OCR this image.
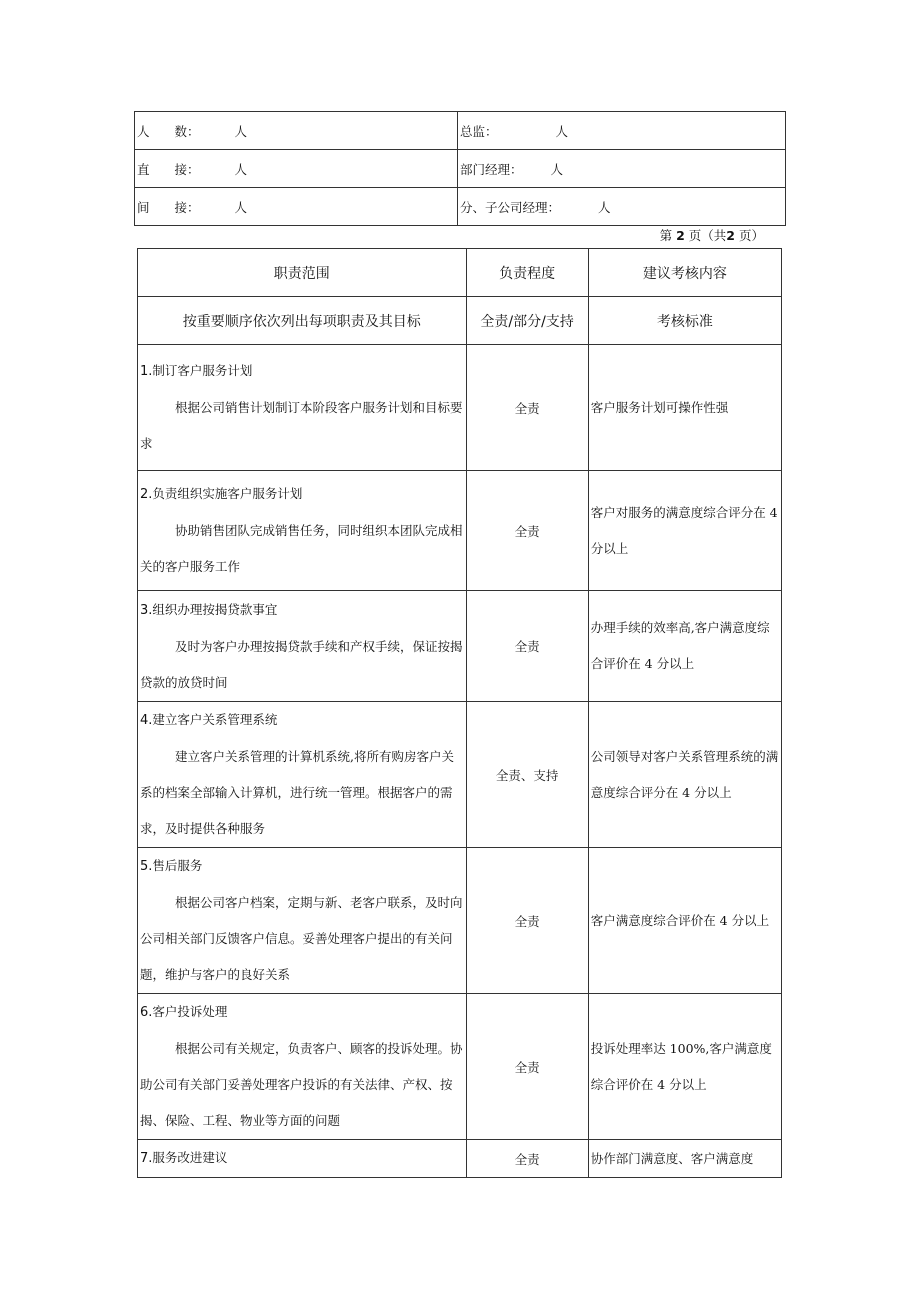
人　　数： 人	总监： 人
直　　接： 人	部门经理： 人
间　　接： 人	分、子公司经理： 人
第 2 页（共2 页）
职责范围	负责程度	建议考核内容
按重要顺序依次列出每项职责及其目标	全责/部分/支持	考核标准

1.制订客户服务计划
根据公司销售计划制订本阶段客户服务计划和目标要求	全责	客户服务计划可操作性强

2.负责组织实施客户服务计划
协助销售团队完成销售任务，同时组织本团队完成相关的客户服务工作	全责	客户对服务的满意度综合评分在 4 分以上

3.组织办理按揭贷款事宜
及时为客户办理按揭贷款手续和产权手续，保证按揭贷款的放贷时间	全责	办理手续的效率高,客户满意度综合评价在 4 分以上

4.建立客户关系管理系统
建立客户关系管理的计算机系统,将所有购房客户关系的档案全部输入计算机，进行统一管理。根据客户的需求，及时提供各种服务	全责、支持	公司领导对客户关系管理系统的满意度综合评分在 4 分以上

5.售后服务
根据公司客户档案，定期与新、老客户联系，及时向公司相关部门反馈客户信息。妥善处理客户提出的有关问题，维护与客户的良好关系	全责	客户满意度综合评价在 4 分以上

6.客户投诉处理
根据公司有关规定，负责客户、顾客的投诉处理。协助公司有关部门妥善处理客户投诉的有关法律、产权、按揭、保险、工程、物业等方面的问题	全责	投诉处理率达 100%,客户满意度综合评价在 4 分以上

7.服务改进建议	全责	协作部门满意度、客户满意度
